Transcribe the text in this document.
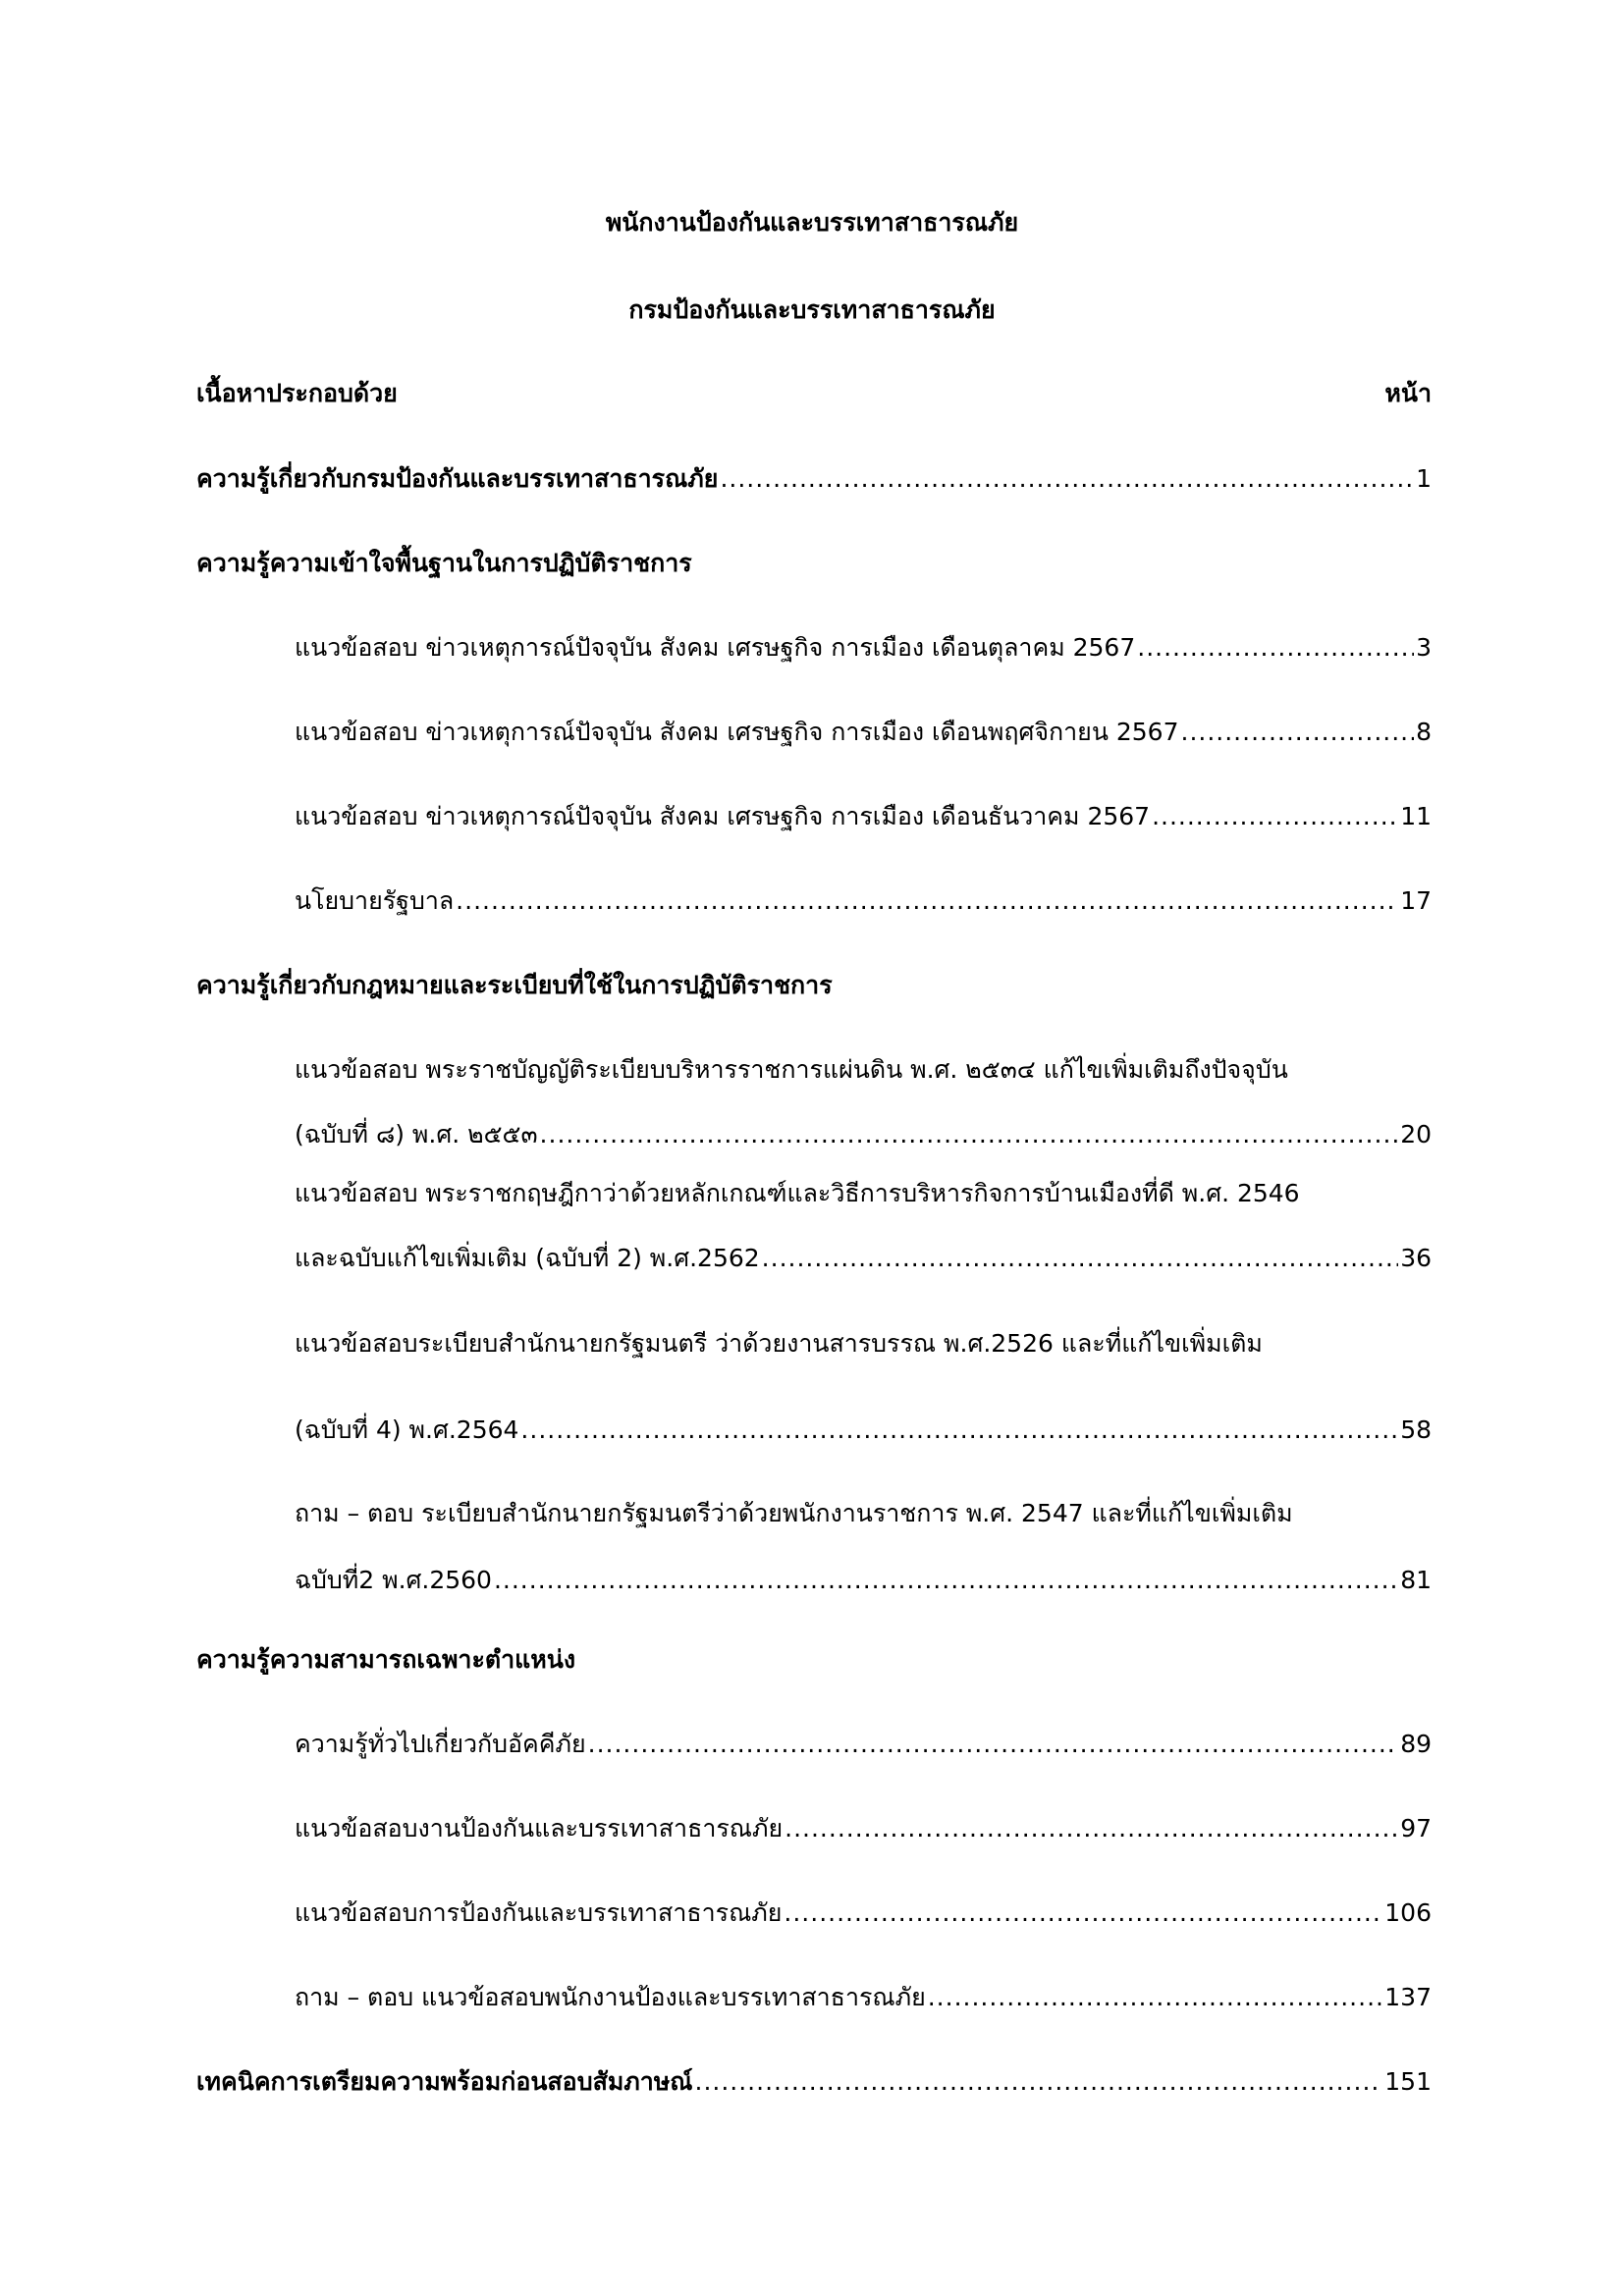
พนักงานป้องกันและบรรเทาสาธารณภัย
กรมป้องกันและบรรเทาสาธารณภัย
เนื้อหาประกอบด้วย	หน้า
ความรู้เกี่ยวกับกรมป้องกันและบรรเทาสาธารณภัย .....	1
ความรู้ความเข้าใจพื้นฐานในการปฏิบัติราชการ
แนวข้อสอบ ข่าวเหตุการณ์ปัจจุบัน สังคม เศรษฐกิจ การเมือง เดือนตุลาคม 2567 .....	3
แนวข้อสอบ ข่าวเหตุการณ์ปัจจุบัน สังคม เศรษฐกิจ การเมือง เดือนพฤศจิกายน 2567 .....	8
แนวข้อสอบ ข่าวเหตุการณ์ปัจจุบัน สังคม เศรษฐกิจ การเมือง เดือนธันวาคม 2567 .....	11
นโยบายรัฐบาล .....	17
ความรู้เกี่ยวกับกฎหมายและระเบียบที่ใช้ในการปฏิบัติราชการ
แนวข้อสอบ พระราชบัญญัติระเบียบบริหารราชการแผ่นดิน พ.ศ. ๒๕๓๔ แก้ไขเพิ่มเติมถึงปัจจุบัน
(ฉบับที่ ๘) พ.ศ. ๒๕๕๓ .....	20
แนวข้อสอบ พระราชกฤษฎีกาว่าด้วยหลักเกณฑ์และวิธีการบริหารกิจการบ้านเมืองที่ดี พ.ศ. 2546
และฉบับแก้ไขเพิ่มเติม (ฉบับที่ 2) พ.ศ.2562 .....	36
แนวข้อสอบระเบียบสำนักนายกรัฐมนตรี ว่าด้วยงานสารบรรณ พ.ศ.2526 และที่แก้ไขเพิ่มเติม
(ฉบับที่ 4) พ.ศ.2564 .....	58
ถาม – ตอบ ระเบียบสำนักนายกรัฐมนตรีว่าด้วยพนักงานราชการ พ.ศ. 2547 และที่แก้ไขเพิ่มเติม
ฉบับที่2 พ.ศ.2560 .....	81
ความรู้ความสามารถเฉพาะตำแหน่ง
ความรู้ทั่วไปเกี่ยวกับอัคคีภัย .....	89
แนวข้อสอบงานป้องกันและบรรเทาสาธารณภัย .....	97
แนวข้อสอบการป้องกันและบรรเทาสาธารณภัย .....	106
ถาม – ตอบ แนวข้อสอบพนักงานป้องและบรรเทาสาธารณภัย .....	137
เทคนิคการเตรียมความพร้อมก่อนสอบสัมภาษณ์ .....	151
